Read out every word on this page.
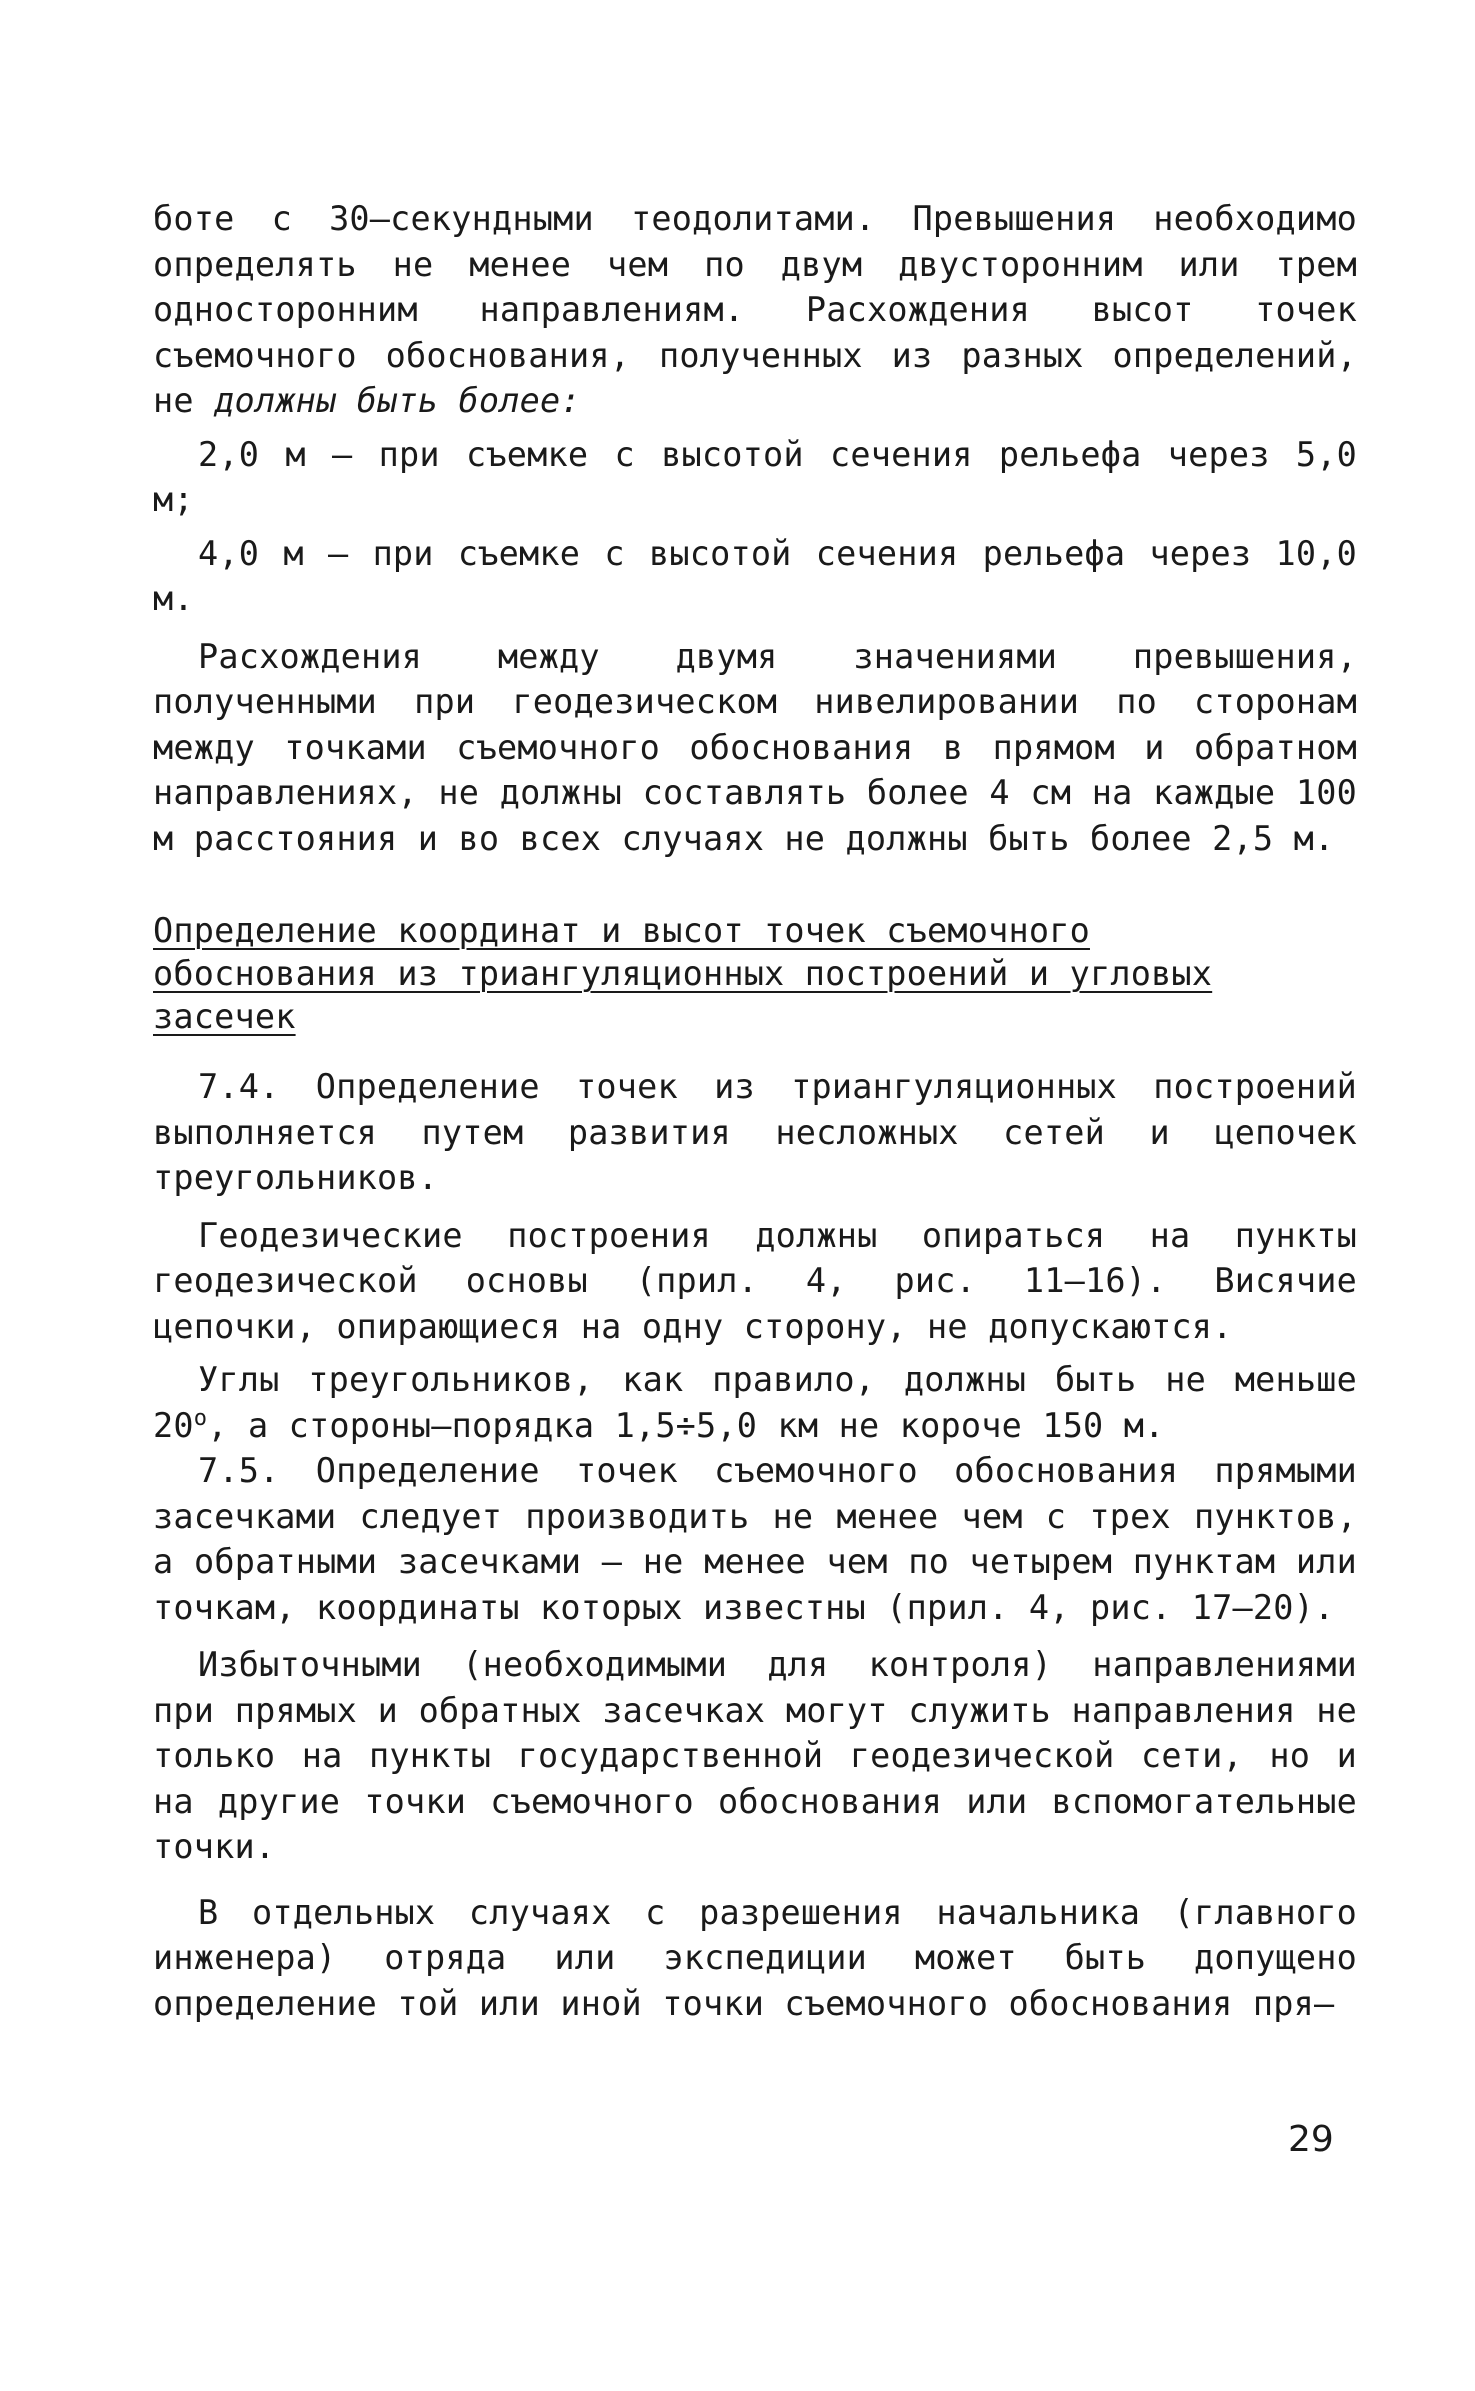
боте с 30—секундными теодолитами. Превышения необходимо определять не менее чем по двум двусторонним или трем односторонним направлениям. Расхождения высот точек съемочного обоснования, полученных из разных определений, не должны быть более:

2,0 м — при съемке с высотой сечения рельефа через 5,0 м;

4,0 м — при съемке с высотой сечения рельефа через 10,0 м.

Расхождения между двумя значениями превышения, полученными при геодезическом нивелировании по сторонам между точками съемочного обоснования в прямом и обратном направлениях, не должны составлять более 4 см на каждые 100 м расстояния и во всех случаях не должны быть более 2,5 м.

Определение координат и высот точек съемочного обоснования из триангуляционных построений и угловых засечек

7.4. Определение точек из триангуляционных построений выполняется путем развития несложных сетей и цепочек треугольников.

Геодезические построения должны опираться на пункты геодезической основы (прил. 4, рис. 11—16). Висячие цепочки, опирающиеся на одну сторону, не допускаются.

Углы треугольников, как правило, должны быть не меньше $20^о$, а стороны—порядка 1,5÷5,0 км не короче 150 м.

7.5. Определение точек съемочного обоснования прямыми засечками следует производить не менее чем с трех пунктов, а обратными засечками — не менее чем по четырем пунктам или точкам, координаты которых известны (прил. 4, рис. 17—20).

Избыточными (необходимыми для контроля) направлениями при прямых и обратных засечках могут служить направления не только на пункты государственной геодезической сети, но и на другие точки съемочного обоснования или вспомогательные точки.

В отдельных случаях с разрешения начальника (главного инженера) отряда или экспедиции может быть допущено определение той или иной точки съемочного обоснования пря—

29
